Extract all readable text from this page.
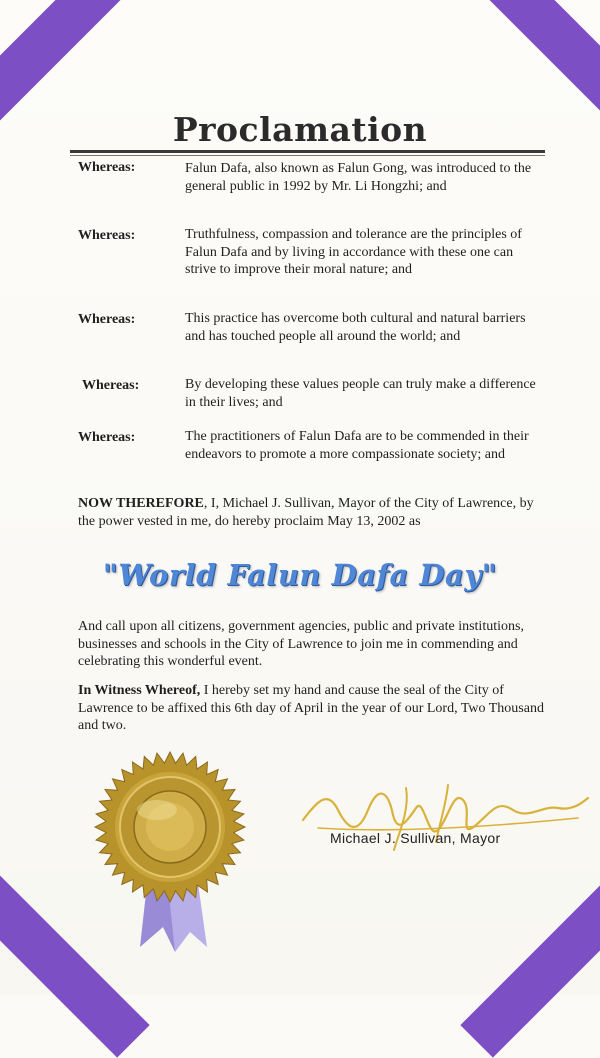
Proclamation
Whereas:	Falun Dafa, also known as Falun Gong, was introduced to the general public in 1992 by Mr. Li Hongzhi; and
Whereas:	Truthfulness, compassion and tolerance are the principles of Falun Dafa and by living in accordance with these one can strive to improve their moral nature; and
Whereas:	This practice has overcome both cultural and natural barriers and has touched people all around the world; and
Whereas:	By developing these values people can truly make a difference in their lives; and
Whereas:	The practitioners of Falun Dafa are to be commended in their endeavors to promote a more compassionate society; and
NOW THEREFORE, I, Michael J. Sullivan, Mayor of the City of Lawrence, by the power vested in me, do hereby proclaim May 13, 2002 as
"World Falun Dafa Day"
And call upon all citizens, government agencies, public and private institutions, businesses and schools in the City of Lawrence to join me in commending and celebrating this wonderful event.
In Witness Whereof, I hereby set my hand and cause the seal of the City of Lawrence to be affixed this 6th day of April in the year of our Lord, Two Thousand and two.
Michael J. Sullivan, Mayor
